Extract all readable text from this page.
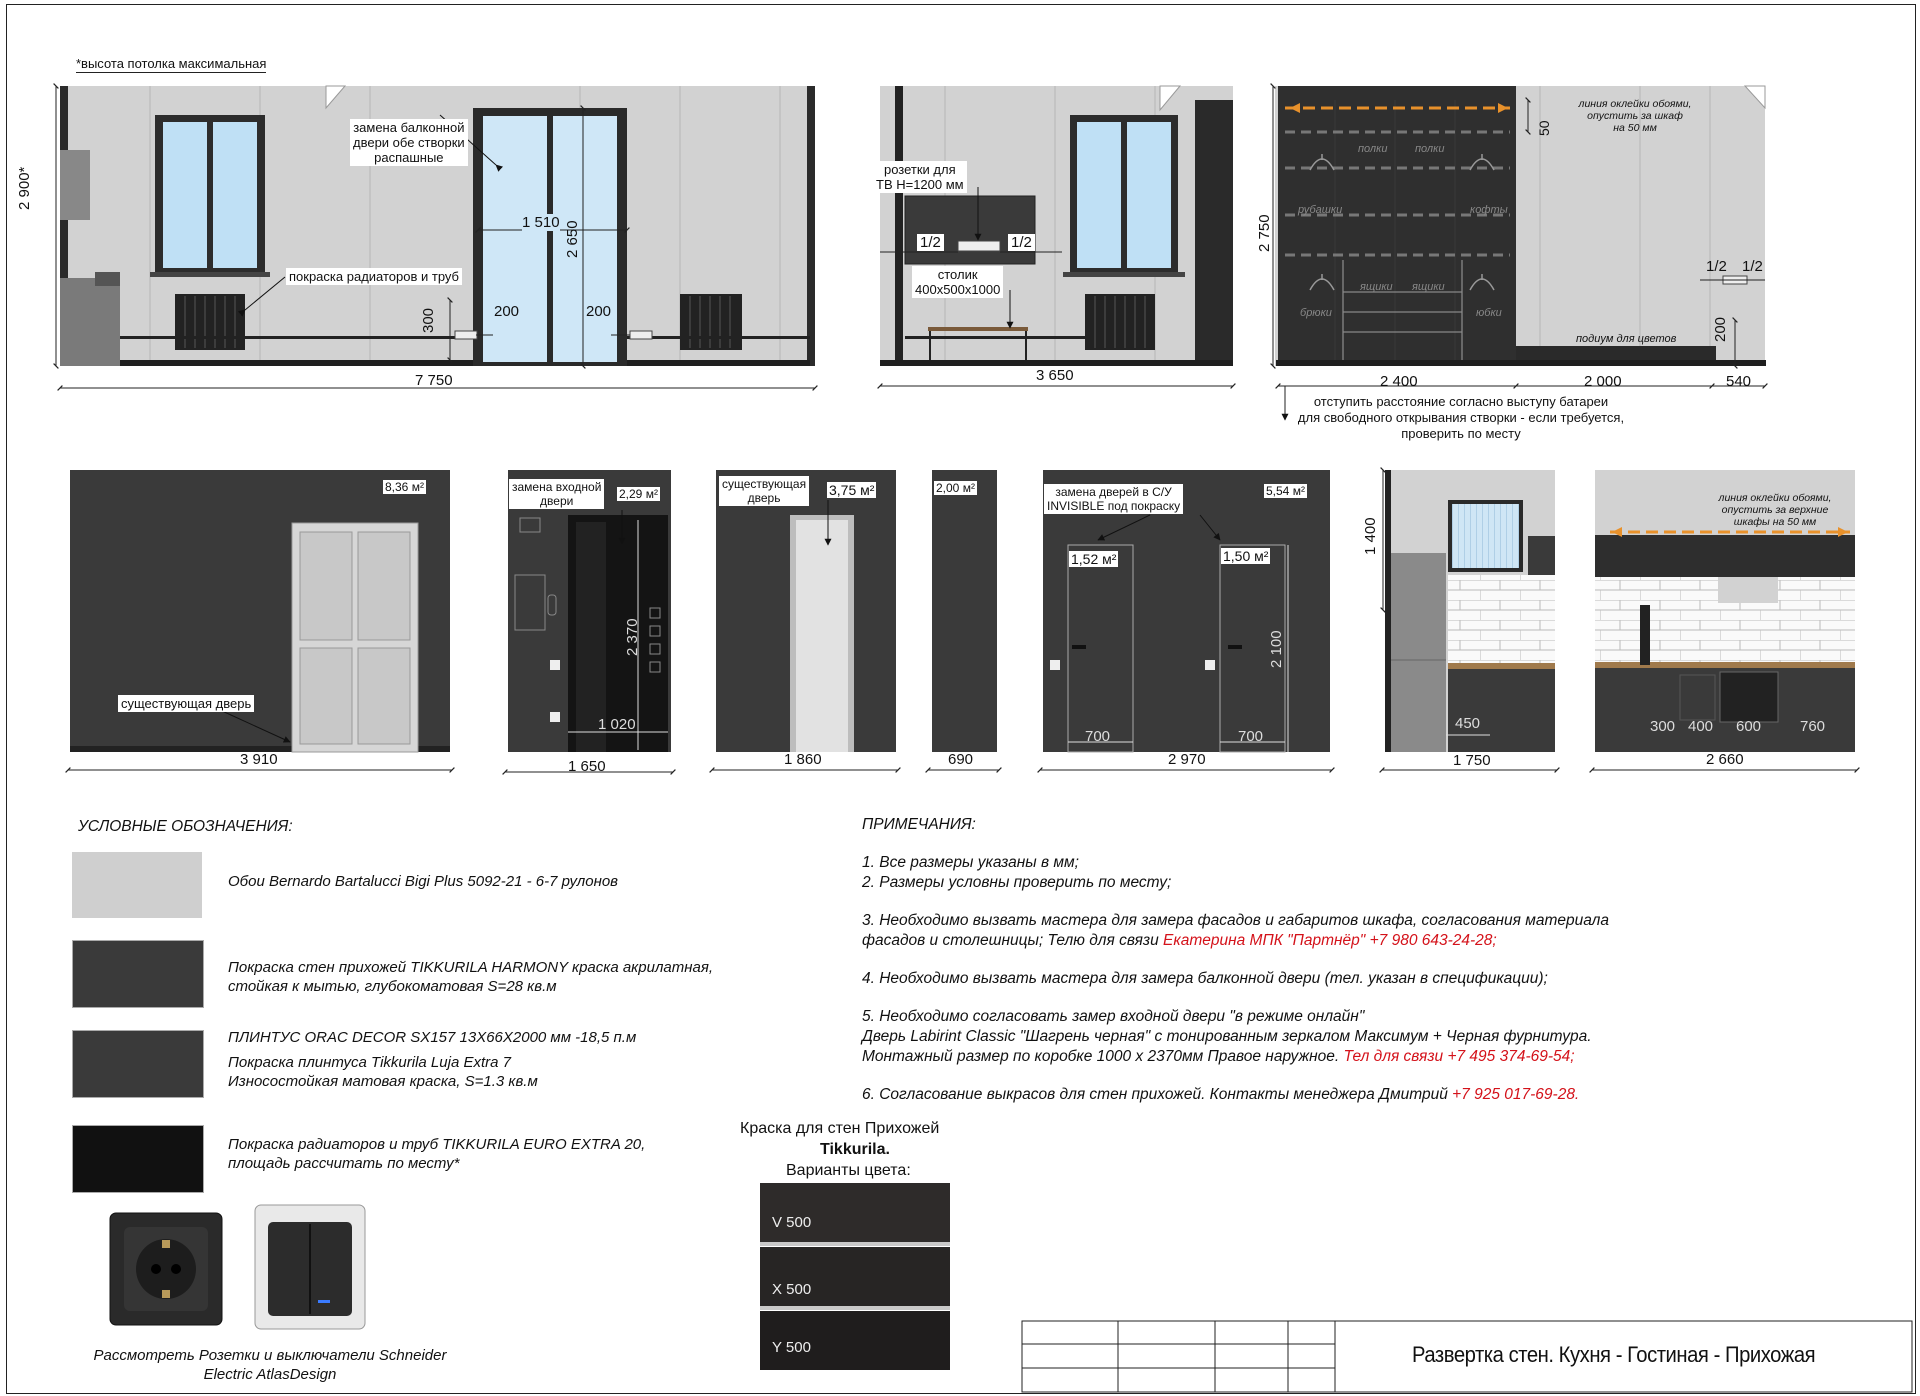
*высота потолка максимальная
2 900*
7 750
замена балконной
двери обе створки
распашные
1 510 2 650
покраска радиаторов и труб
300	200	200
розетки для
ТВ Н=1200 мм
1/2	1/2
столик
400х500х1000
3 650
2 750
линия оклейки обоями,
опустить за шкаф
на 50 мм
50
полки	полки
рубашки	кофты
ящики ящики
брюки	юбки
подиум для цветов 200
1/2 1/2
2 400	2 000	540
отступить расстояние согласно выступу батареи
для свободного открывания створки - если требуется,
проверить по месту
8,36 м²
существующая дверь
3 910
замена входной
двери	2,29 м²
2 370
1 020
1 650
существующая
дверь	3,75 м²
1 860
2,00 м²
690
замена дверей в С/У
INVISIBLE под покраску
5,54 м²
1,52 м²	1,50 м²
2 100
700	700
2 970
1 400
450
1 750
линия оклейки обоями,
опустить за верхние
шкафы на 50 мм
300 400 600	760
2 660
УСЛОВНЫЕ ОБОЗНАЧЕНИЯ:
Обои Bernardo Bartalucci Bigi Plus 5092-21 - 6-7 рулонов
Покраска стен прихожей TIKKURILA HARMONY краска акрилатная,
стойкая к мытью, глубокоматовая S=28 кв.м
ПЛИНТУС ORAC DECOR SX157 13Х66Х2000 мм -18,5 п.м
Покраска плинтуса Tikkurila Luja Extra 7
Износостойкая матовая краска, S=1.3 кв.м
Покраска радиаторов и труб TIKKURILA EURO EXTRA 20,
площадь рассчитать по месту*
Рассмотреть Розетки и выключатели Schneider
Electric AtlasDesign
Краска для стен Прихожей
Tikkurila.
Варианты цвета:
V 500
X 500
Y 500

ПРИМЕЧАНИЯ:

1. Все размеры указаны в мм;

2. Размеры условны проверить по месту;

3. Необходимо вызвать мастера для замера фасадов и габаритов шкафа, согласования материала

фасадов и столешницы; Телю для связи Екатерина МПК "Партнёр" +7 980 643-24-28;

4. Необходимо вызвать мастера для замера балконной двери (тел. указан в спецификации);

5. Необходимо согласовать замер входной двери "в режиме онлайн"

Дверь Labirint Classic "Шагрень черная" с тонированным зеркалом Максимум + Черная фурнитура.

Монтажный размер по коробке 1000 х 2370мм Правое наружное. Тел для связи +7 495 374-69-54;

6. Согласование выкрасов для стен прихожей. Контакты менеджера Дмитрий +7 925 017-69-28.

Развертка стен. Кухня - Гостиная - Прихожая
